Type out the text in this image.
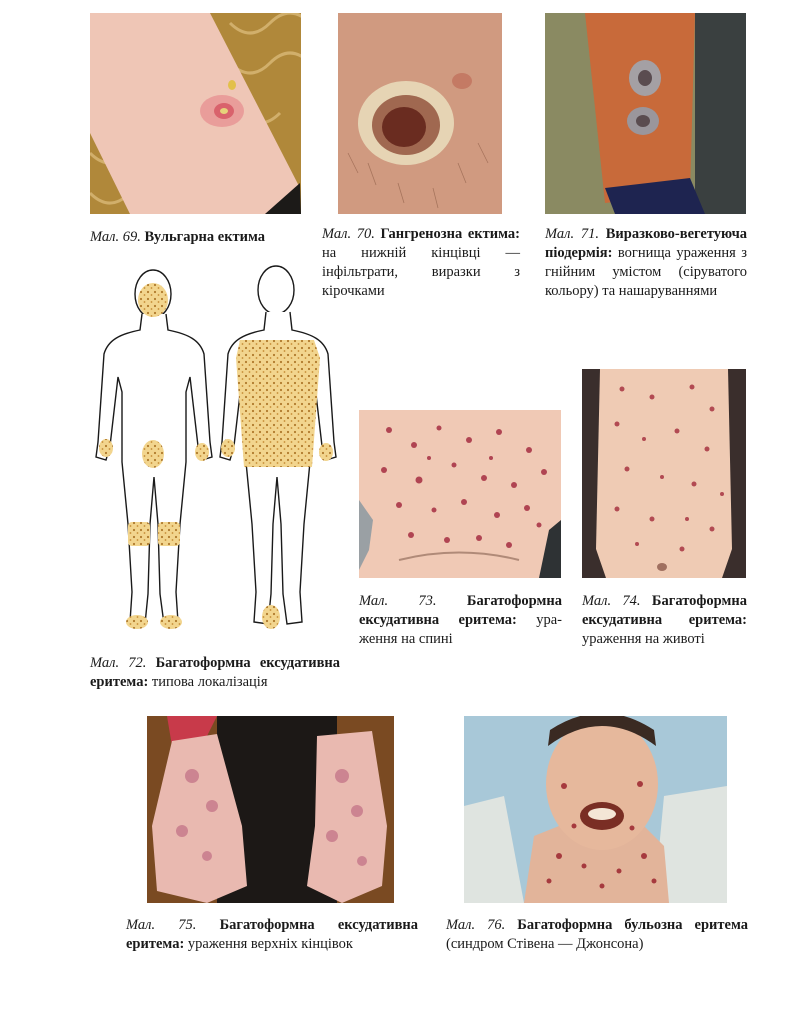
Мал. 69. Вульгарна ектима	Мал. 70. Гангренозна ектима: на нижній кінцівці — інфільтрати, виразки з кірочками
Мал. 71. Виразково-вегетуюча піодермія: вогнища ураження з гнійним умiстом (сіруватого кольору) та нашаруваннями
Мал. 72. Багатоформна ексудативна еритема: типова локалізація
Мал. 73. Багатоформна ексудативна еритема: ураження на спині
Мал. 74. Багатоформна ексудативна еритема: ураження на животі
Мал. 75. Багатоформна ексудативна еритема: ураження верхніх кінцівок
Мал. 76. Багатоформна бульозна еритема (синдром Стівена — Джонсона)
